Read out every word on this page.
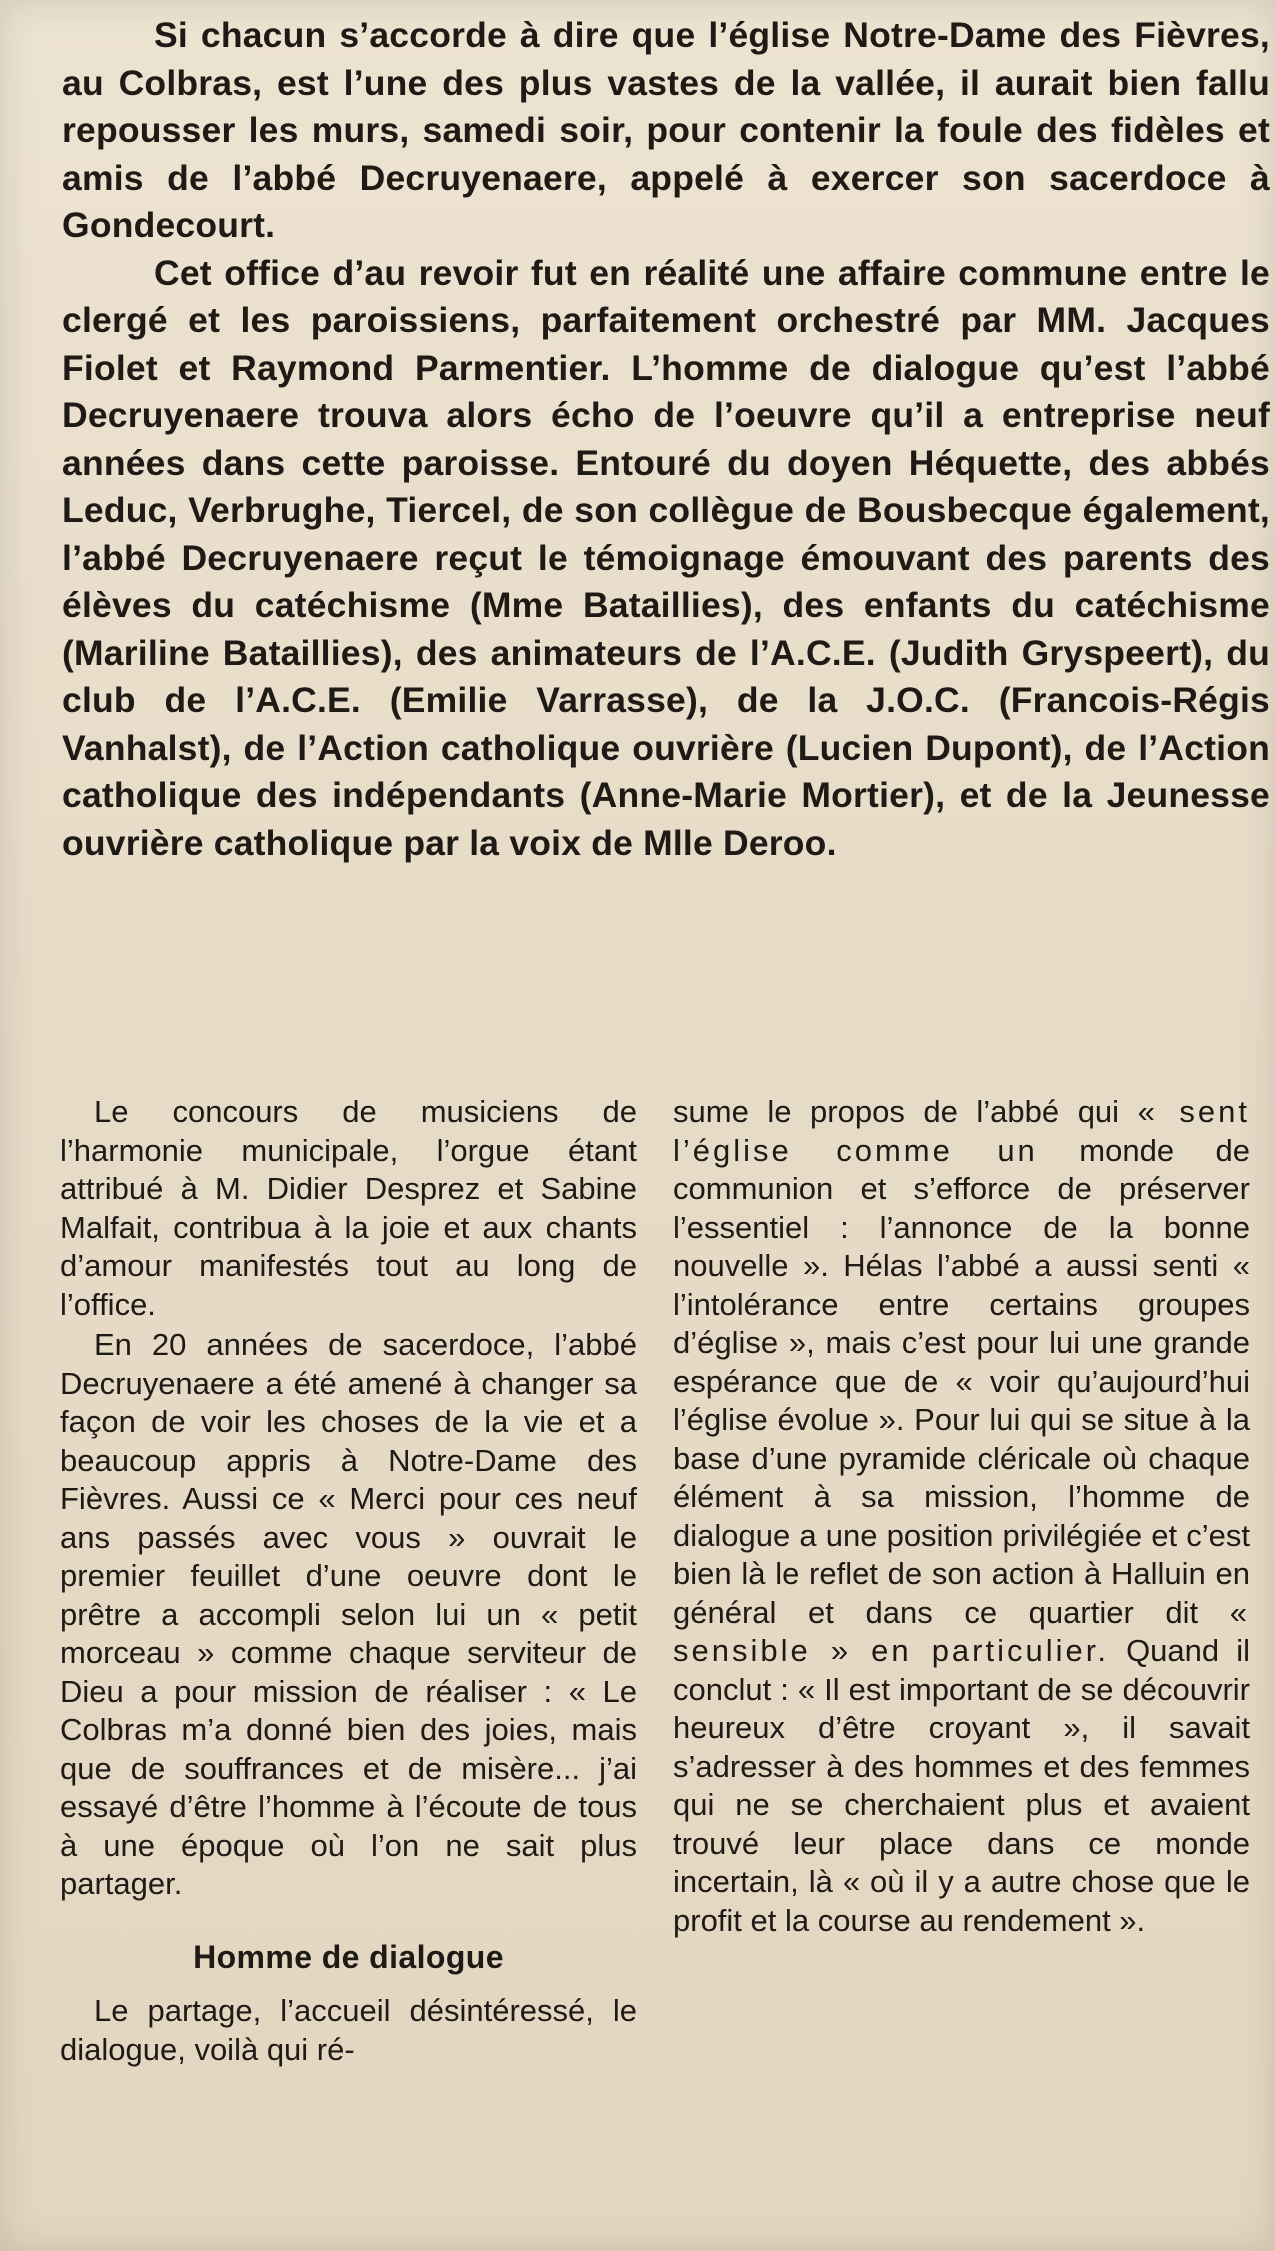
Si chacun s’accorde à dire que l’église Notre-Dame des Fièvres, au Colbras, est l’une des plus vastes de la vallée, il aurait bien fallu repousser les murs, samedi soir, pour contenir la foule des fidèles et amis de l’abbé Decruyenaere, appelé à exercer son sacerdoce à Gondecourt.

Cet office d’au revoir fut en réalité une affaire commune entre le clergé et les paroissiens, parfaitement orchestré par MM. Jacques Fiolet et Raymond Parmentier. L’homme de dialogue qu’est l’abbé Decruyenaere trouva alors écho de l’oeuvre qu’il a entreprise neuf années dans cette paroisse. Entouré du doyen Héquette, des abbés Leduc, Verbrughe, Tiercel, de son collègue de Bousbecque également, l’abbé Decruyenaere reçut le témoignage émouvant des parents des élèves du catéchisme (Mme Bataillies), des enfants du catéchisme (Mariline Bataillies), des animateurs de l’A.C.E. (Judith Gryspeert), du club de l’A.C.E. (Emilie Varrasse), de la J.O.C. (Francois-Régis Vanhalst), de l’Action catholique ouvrière (Lucien Dupont), de l’Action catholique des indépendants (Anne-Marie Mortier), et de la Jeunesse ouvrière catholique par la voix de Mlle Deroo.

Le concours de musiciens de l’harmonie municipale, l’orgue étant attribué à M. Didier Desprez et Sabine Malfait, contribua à la joie et aux chants d’amour manifestés tout au long de l’office.

En 20 années de sacerdoce, l’abbé Decruyenaere a été amené à changer sa façon de voir les choses de la vie et a beaucoup appris à Notre-Dame des Fièvres. Aussi ce « Merci pour ces neuf ans passés avec vous » ouvrait le premier feuillet d’une oeuvre dont le prêtre a accompli selon lui un « petit morceau » comme chaque serviteur de Dieu a pour mission de réaliser : « Le Colbras m’a donné bien des joies, mais que de souffrances et de misère... j’ai essayé d’être l’homme à l’écoute de tous à une époque où l’on ne sait plus partager.

Homme de dialogue

Le partage, l’accueil désintéressé, le dialogue, voilà qui ré-

sume le propos de l’abbé qui « sent l’église comme un monde de communion et s’efforce de préserver l’essentiel : l’annonce de la bonne nouvelle ». Hélas l’abbé a aussi senti « l’intolérance entre certains groupes d’église », mais c’est pour lui une grande espérance que de « voir qu’aujourd’hui l’église évolue ». Pour lui qui se situe à la base d’une pyramide cléricale où chaque élément à sa mission, l’homme de dialogue a une position privilégiée et c’est bien là le reflet de son action à Halluin en général et dans ce quartier dit « sensible » en particulier. Quand il conclut : « Il est important de se découvrir heureux d’être croyant », il savait s’adresser à des hommes et des femmes qui ne se cherchaient plus et avaient trouvé leur place dans ce monde incertain, là « où il y a autre chose que le profit et la course au rendement ».
